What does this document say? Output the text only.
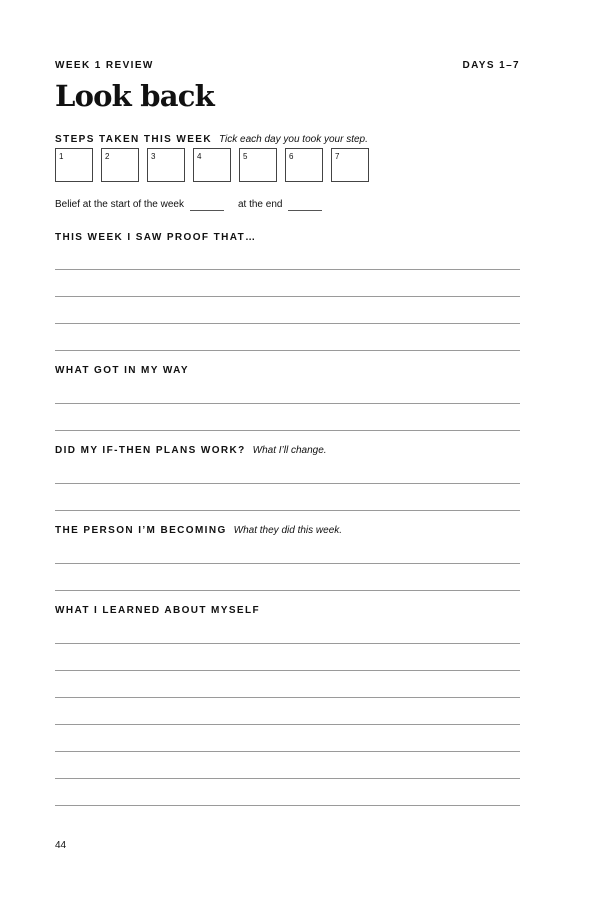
WEEK 1 REVIEW	DAYS 1–7
Look back
STEPS TAKEN THIS WEEK Tick each day you took your step.
1	2	3	4	5	6	7
Belief at the start of the week	at the end
THIS WEEK I SAW PROOF THAT…
WHAT GOT IN MY WAY
DID MY IF-THEN PLANS WORK? What I’ll change.
THE PERSON I’M BECOMING What they did this week.
WHAT I LEARNED ABOUT MYSELF
44
